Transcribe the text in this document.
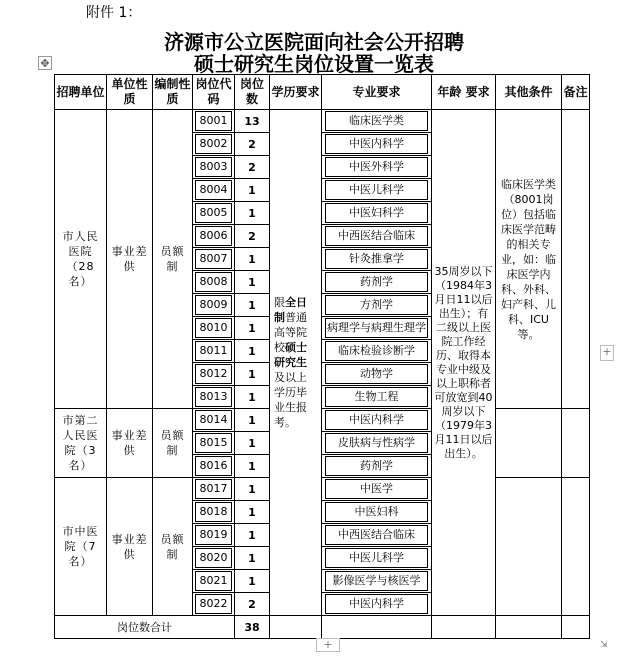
附件 1：
济源市公立医院面向社会公开招聘
硕士研究生岗位设置一览表
✥
招聘单位	单位性质	编制性质	岗位代码	岗位数	学历要求	专业要求	年龄 要求	其他条件	备注

市人民医院（28名）	事业差供	员额制	8001	13	限全日制普通高等院校硕士研究生及以上学历毕业生报考。	临床医学类	35周岁以下（1984年3月日11以后出生）；有二级以上医院工作经历、取得本专业中级及以上职称者可放宽到40周岁以下（1979年3月11日以后出生）。	临床医学类（8001岗位）包括临床医学范畴的相关专业，如：临床医学内科、外科、妇产科、儿科、ICU等。	

			8002	2		中医内科学			

			8003	2		中医外科学			

			8004	1		中医儿科学			

			8005	1		中医妇科学			

			8006	2		中西医结合临床			

			8007	1		针灸推拿学			

			8008	1		药剂学			

			8009	1		方剂学			

			8010	1		病理学与病理生理学			

			8011	1		临床检验诊断学			

			8012	1		动物学			

			8013	1		生物工程			

市第二人民医院（3名）	事业差供	员额制	8014	1		中医内科学			

			8015	1		皮肤病与性病学			

			8016	1		药剂学			

市中医院（7名）	事业差供	员额制	8017	1		中医学			

			8018	1		中医妇科			

			8019	1		中西医结合临床			

			8020	1		中医儿科学			

			8021	1		影像医学与核医学			

			8022	2		中医内科学			

岗位数合计				38					
+
+	⇲
